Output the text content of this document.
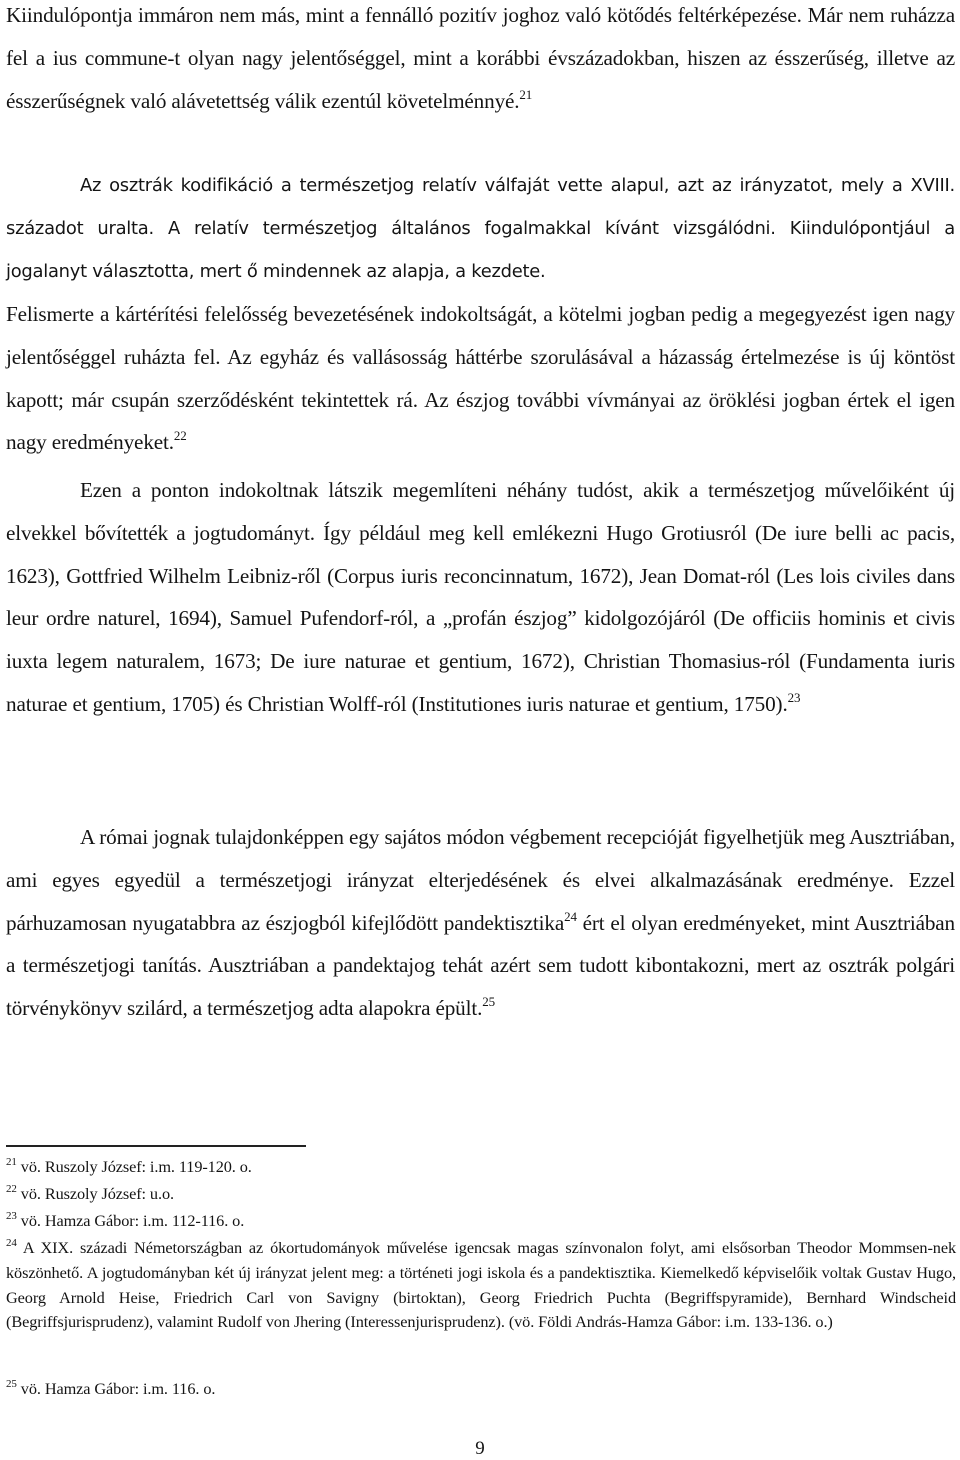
Kiindulópontja immáron nem más, mint a fennálló pozitív joghoz való kötődés feltérképezése. Már nem ruházza fel a ius commune-t olyan nagy jelentőséggel, mint a korábbi évszázadokban, hiszen az ésszerűség, illetve az ésszerűségnek való alávetettség válik ezentúl követelménnyé.$^{21}$

Az osztrák kodifikáció a természetjog relatív válfaját vette alapul, azt az irányzatot, mely a XVIII. századot uralta. A relatív természetjog általános fogalmakkal kívánt vizsgálódni. Kiindulópontjául a jogalanyt választotta, mert ő mindennek az alapja, a kezdete.

Felismerte a kártérítési felelősség bevezetésének indokoltságát, a kötelmi jogban pedig a megegyezést igen nagy jelentőséggel ruházta fel. Az egyház és vallásosság háttérbe szorulásával a házasság értelmezése is új köntöst kapott; már csupán szerződésként tekintettek rá. Az észjog további vívmányai az öröklési jogban értek el igen nagy eredményeket.$^{22}$

Ezen a ponton indokoltnak látszik megemlíteni néhány tudóst, akik a természetjog művelőiként új elvekkel bővítették a jogtudományt. Így például meg kell emlékezni Hugo Grotiusról (De iure belli ac pacis, 1623), Gottfried Wilhelm Leibniz-ről (Corpus iuris reconcinnatum, 1672), Jean Domat-ról (Les lois civiles dans leur ordre naturel, 1694), Samuel Pufendorf-ról, a „profán észjog” kidolgozójáról (De officiis hominis et civis iuxta legem naturalem, 1673; De iure naturae et gentium, 1672), Christian Thomasius-ról (Fundamenta iuris naturae et gentium, 1705) és Christian Wolff-ról (Institutiones iuris naturae et gentium, 1750).$^{23}$

A római jognak tulajdonképpen egy sajátos módon végbement recepcióját figyelhetjük meg Ausztriában, ami egyes egyedül a természetjogi irányzat elterjedésének és elvei alkalmazásának eredménye. Ezzel párhuzamosan nyugatabbra az észjogból kifejlődött pandektisztika$^{24}$ ért el olyan eredményeket, mint Ausztriában a természetjogi tanítás. Ausztriában a pandektajog tehát azért sem tudott kibontakozni, mert az osztrák polgári törvénykönyv szilárd, a természetjog adta alapokra épült.$^{25}$

$^{21}$ vö. Ruszoly József: i.m. 119-120. o.

$^{22}$ vö. Ruszoly József: u.o.

$^{23}$ vö. Hamza Gábor: i.m. 112-116. o.

$^{24}$ A XIX. századi Németországban az ókortudományok művelése igencsak magas színvonalon folyt, ami elsősorban Theodor Mommsen-nek köszönhető. A jogtudományban két új irányzat jelent meg: a történeti jogi iskola és a pandektisztika. Kiemelkedő képviselőik voltak Gustav Hugo, Georg Arnold Heise, Friedrich Carl von Savigny (birtoktan), Georg Friedrich Puchta (Begriffspyramide), Bernhard Windscheid (Begriffsjurisprudenz), valamint Rudolf von Jhering (Interessenjurisprudenz). (vö. Földi András-Hamza Gábor: i.m. 133-136. o.)

$^{25}$ vö. Hamza Gábor: i.m. 116. o.

9
